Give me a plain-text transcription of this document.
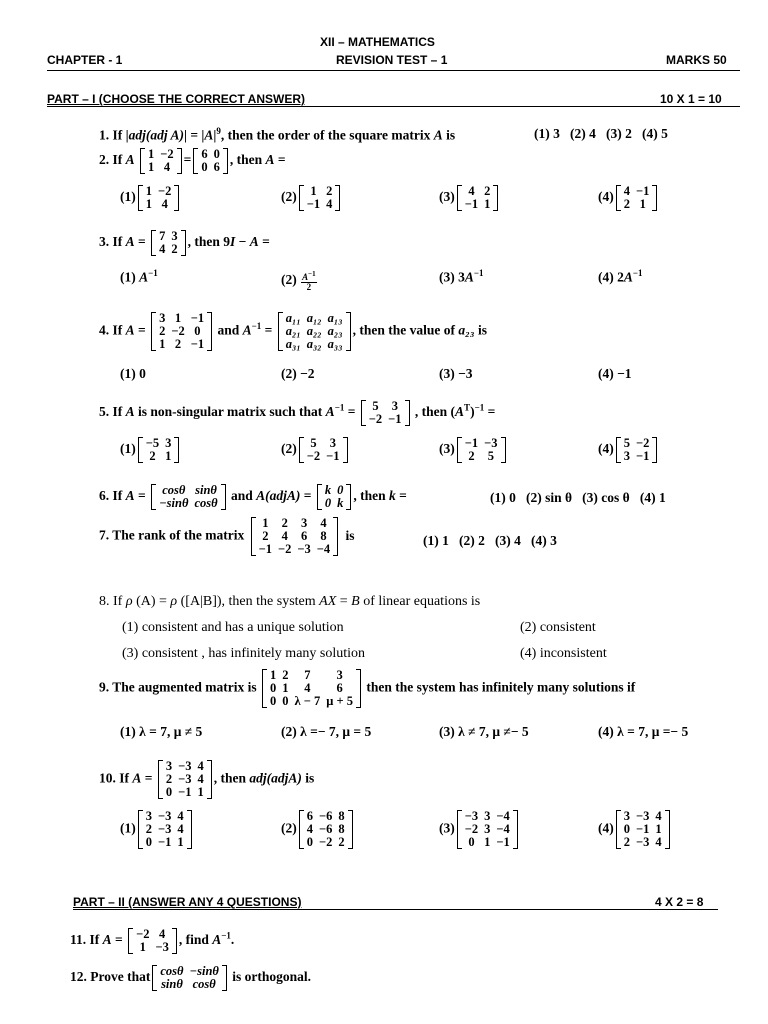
XII – MATHEMATICS
CHAPTER - 1	REVISION TEST – 1	MARKS 50
PART – I (CHOOSE THE CORRECT ANSWER)	10 X 1 = 10
1. If |adj(adj $A)| = |A|^9$, then the order of the square matrix A is	(1) 3   (2) 4   (3) 2   (4) 5
2. If A 1	−2
1	4 = 6	0
0	6 , then A =
(1) 1	−2
1	4	(2) 1	2
−1	4	(3) 4	2
−1	1	(4) 4	−1
2	1
3. If A = 7	3
4	2 , then 9I − A =
(1) $A^{-1}$	$(2) \frac{A^{-1}}{2}$	(3) $3A^{-1}$	(4) $2A^{-1}$
4. If A =
3	1	−1
2	−2	0
1	2	−1
and $A^{-1}$ =
a₁₁	a₁₂	a₁₃
a₂₁	a₂₂	a₂₃
a₃₁	a₃₂	a₃₃
, then the value of a₂₃ is
(1) 0	(2) −2	(3) −3	(4) −1
5. If A is non-singular matrix such that $A^{-1} = 5$	3
−2	−1 , then $(A^T)^{-1}$ =
(1) −5	3
2	1	(2) 5	3
−2	−1	(3) −1	−3
2	5	(4) 5	−2
3	−1
6. If A = cosθ	sinθ
−sinθ	cosθ and A(adjA) = k	0
0	k , then k =	(1) 0   (2) sin θ   (3) cos θ   (4) 1
7. The rank of the matrix
1	2	3	4
2	4	6	8
−1	−2	−3	−4
is	(1) 1   (2) 2   (3) 4   (4) 3
8. If ρ (A) = ρ ([A|B]), then the system AX = B of linear equations is
(1) consistent and has a unique solution	(2) consistent
(3) consistent , has infinitely many solution	(4) inconsistent
9. The augmented matrix is
1	2	7	3
0	1	4	6
0	0	λ − 7	μ + 5
then the system has infinitely many solutions if
(1) λ = 7, μ ≠ 5	(2) λ =− 7, μ = 5	(3) λ ≠ 7, μ ≠− 5	(4) λ = 7, μ =− 5
10. If A =
3	−3	4
2	−3	4
0	−1	1
, then adj(adjA) is
(1)
3	−3	4
2	−3	4
0	−1	1
(2)
6	−6	8
4	−6	8
0	−2	2
(3)
−3	3	−4
−2	3	−4
0	1	−1
(4)
3	−3	4
0	−1	1
2	−3	4
PART – II (ANSWER ANY 4 QUESTIONS)	4 X 2 = 8
11. If A = −2	4
1	−3 , find $A^{-1}$.
12. Prove that cosθ	−sinθ
sinθ	cosθ is orthogonal.
